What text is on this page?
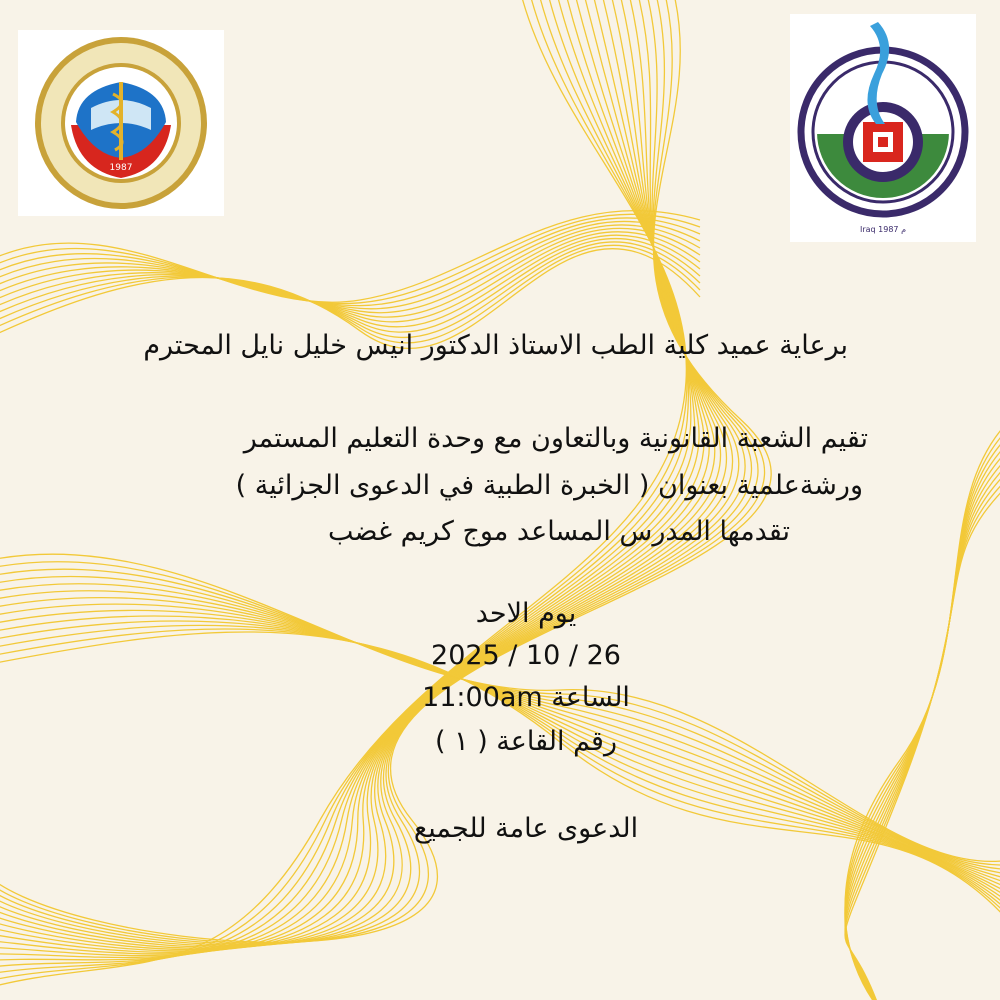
1987
Iraq 1987 م
برعاية عميد كلية الطب الاستاذ الدكتور انيس خليل نايل المحترم
تقيم الشعبة القانونية وبالتعاون مع وحدة التعليم المستمر
ورشةعلمية بعنوان ( الخبرة الطبية في الدعوى الجزائية )
تقدمها المدرس المساعد موج كريم غضب
يوم الاحد
2025 / 10 / 26
الساعة 11:00am
رقم القاعة ( ١ )
الدعوى عامة للجميع
